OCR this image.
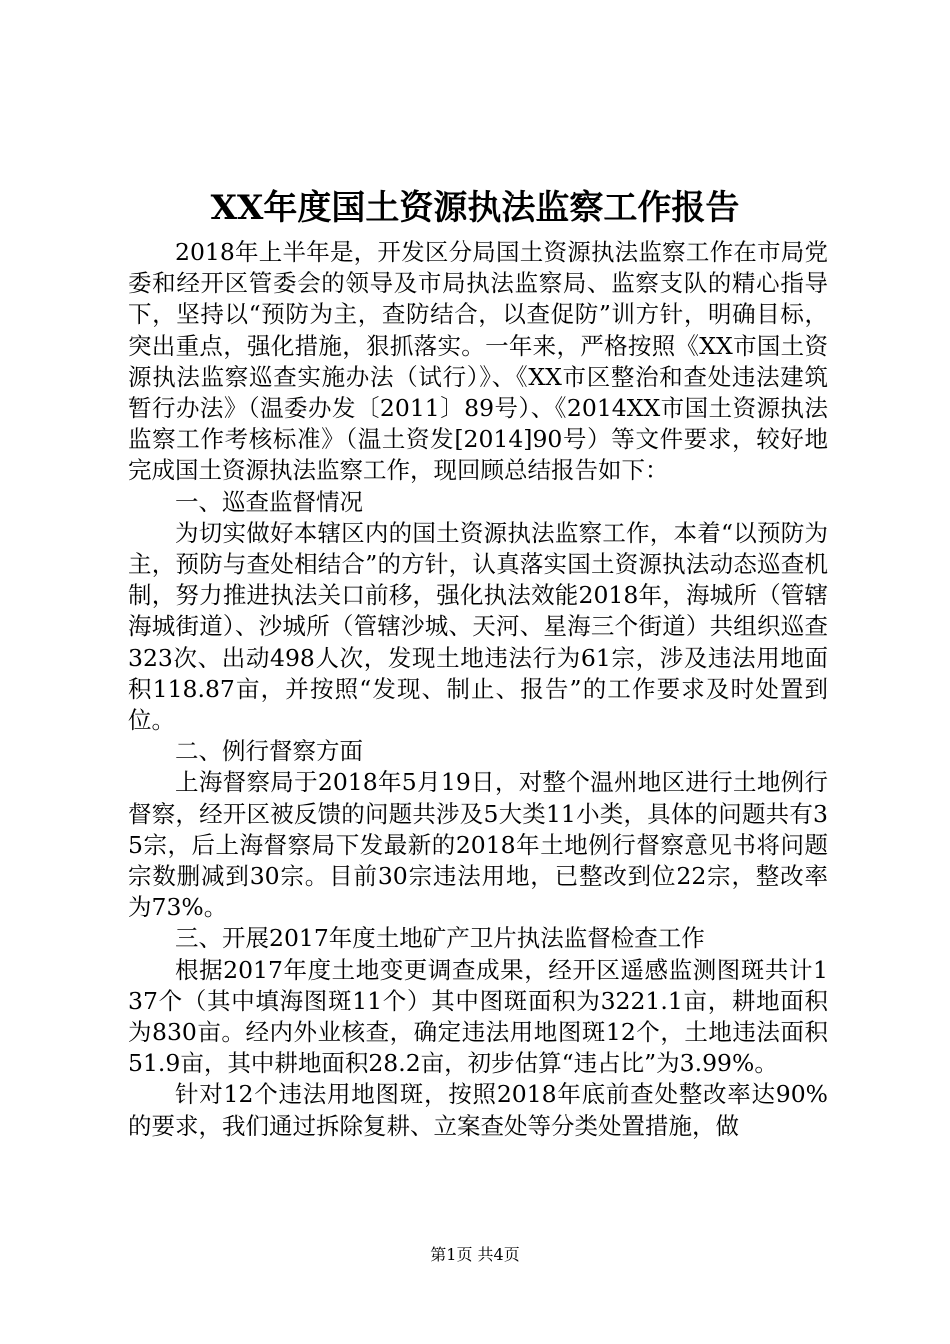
XX年度国土资源执法监察工作报告

2018年上半年是，开发区分局国土资源执法监察工作在市局党委和经开区管委会的领导及市局执法监察局、监察支队的精心指导下，坚持以“预防为主，查防结合，以查促防”训方针，明确目标，突出重点，强化措施，狠抓落实。一年来，严格按照《XX市国土资源执法监察巡查实施办法（试行）》、《XX市区整治和查处违法建筑暂行办法》（温委办发〔2011〕89号）、《2014XX市国土资源执法监察工作考核标准》（温土资发[2014]90号）等文件要求，较好地完成国土资源执法监察工作，现回顾总结报告如下：

一、巡查监督情况

为切实做好本辖区内的国土资源执法监察工作，本着“以预防为主，预防与查处相结合”的方针，认真落实国土资源执法动态巡查机制，努力推进执法关口前移，强化执法效能2018年，海城所（管辖海城街道）、沙城所（管辖沙城、天河、星海三个街道）共组织巡查323次、出动498人次，发现土地违法行为61宗，涉及违法用地面积118.87亩，并按照“发现、制止、报告”的工作要求及时处置到位。

二、例行督察方面

上海督察局于2018年5月19日，对整个温州地区进行土地例行督察，经开区被反馈的问题共涉及5大类11小类，具体的问题共有35宗，后上海督察局下发最新的2018年土地例行督察意见书将问题宗数删减到30宗。目前30宗违法用地，已整改到位22宗，整改率为73%。

三、开展2017年度土地矿产卫片执法监督检查工作

根据2017年度土地变更调查成果，经开区遥感监测图斑共计137个（其中填海图斑11个）其中图斑面积为3221.1亩，耕地面积为830亩。经内外业核查，确定违法用地图斑12个，土地违法面积51.9亩，其中耕地面积28.2亩，初步估算“违占比”为3.99%。

针对12个违法用地图斑，按照2018年底前查处整改率达90%的要求，我们通过拆除复耕、立案查处等分类处置措施，做

第1页 共4页
